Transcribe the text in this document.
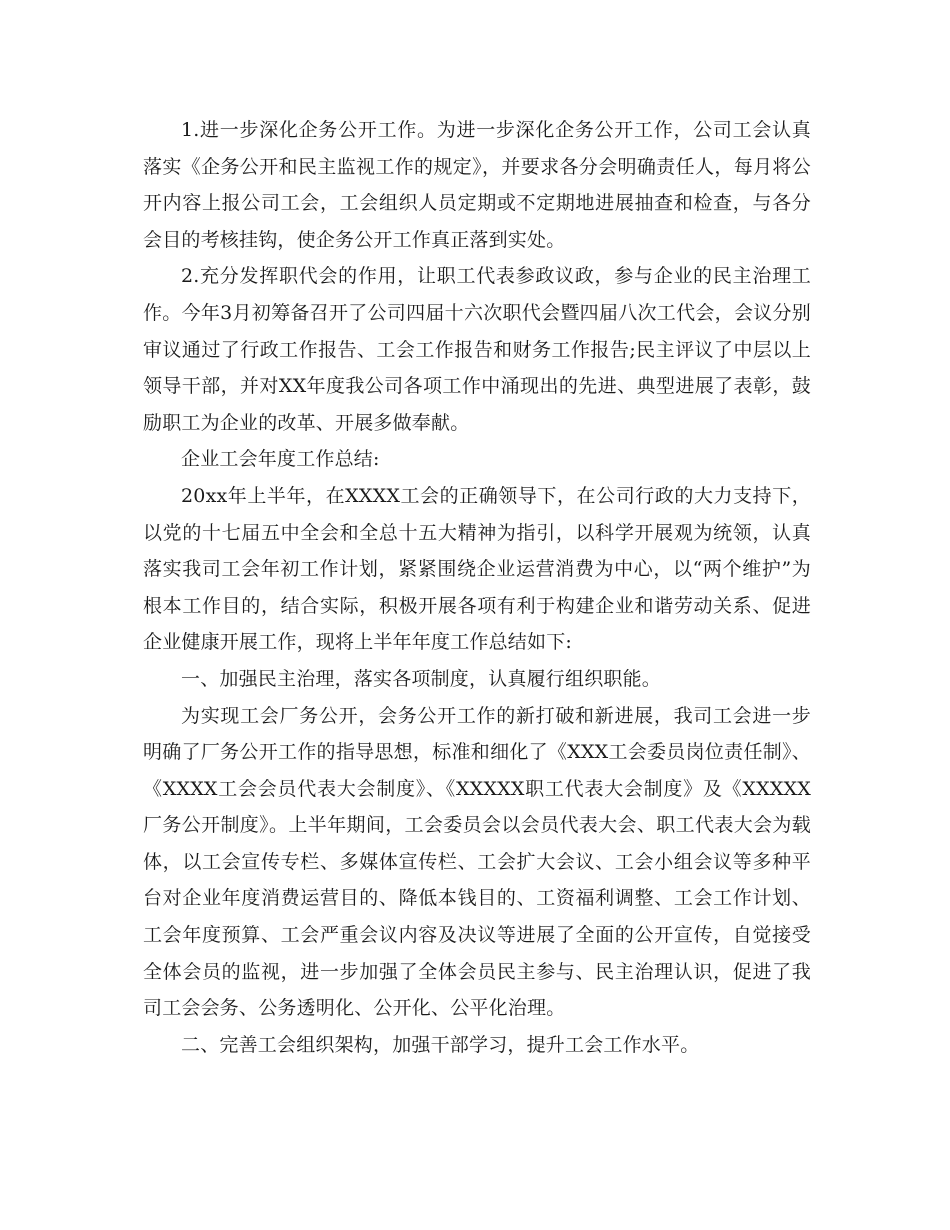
1.进一步深化企务公开工作。为进一步深化企务公开工作，公司工会认真落实《企务公开和民主监视工作的规定》，并要求各分会明确责任人，每月将公开内容上报公司工会，工会组织人员定期或不定期地进展抽查和检查，与各分会目的考核挂钩，使企务公开工作真正落到实处。

2.充分发挥职代会的作用，让职工代表参政议政，参与企业的民主治理工作。今年3月初筹备召开了公司四届十六次职代会暨四届八次工代会，会议分别审议通过了行政工作报告、工会工作报告和财务工作报告;民主评议了中层以上领导干部，并对XX年度我公司各项工作中涌现出的先进、典型进展了表彰，鼓励职工为企业的改革、开展多做奉献。

企业工会年度工作总结:

20xx年上半年，在XXXX工会的正确领导下，在公司行政的大力支持下，以党的十七届五中全会和全总十五大精神为指引，以科学开展观为统领，认真落实我司工会年初工作计划，紧紧围绕企业运营消费为中心，以“两个维护”为根本工作目的，结合实际，积极开展各项有利于构建企业和谐劳动关系、促进企业健康开展工作，现将上半年年度工作总结如下:

一、加强民主治理，落实各项制度，认真履行组织职能。

为实现工会厂务公开，会务公开工作的新打破和新进展，我司工会进一步明确了厂务公开工作的指导思想，标准和细化了《XXX工会委员岗位责任制》、《XXXX工会会员代表大会制度》、《XXXXX职工代表大会制度》及《XXXXX厂务公开制度》。上半年期间，工会委员会以会员代表大会、职工代表大会为载体，以工会宣传专栏、多媒体宣传栏、工会扩大会议、工会小组会议等多种平台对企业年度消费运营目的、降低本钱目的、工资福利调整、工会工作计划、工会年度预算、工会严重会议内容及决议等进展了全面的公开宣传，自觉接受全体会员的监视，进一步加强了全体会员民主参与、民主治理认识，促进了我司工会会务、公务透明化、公开化、公平化治理。

二、完善工会组织架构，加强干部学习，提升工会工作水平。
